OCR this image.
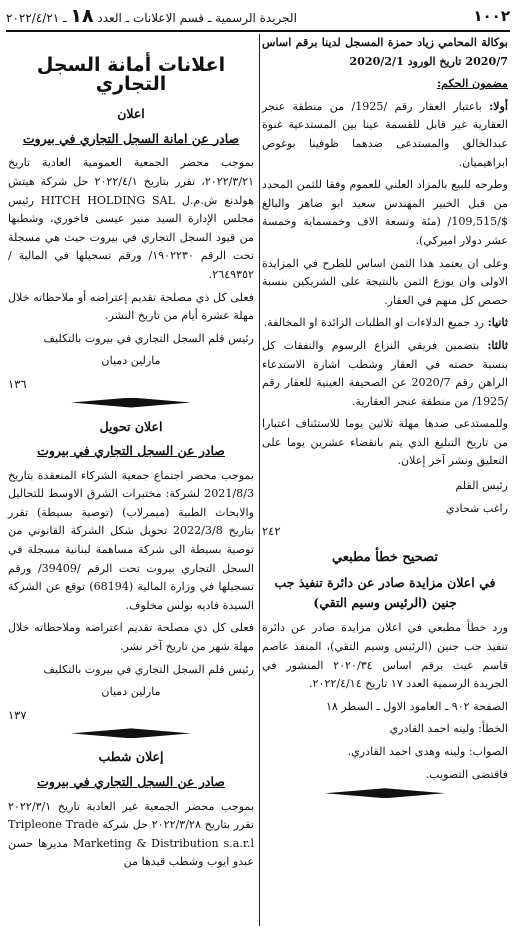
١٠٠٢
الجريدة الرسمية ـ قسم الاعلانات ـ العدد ١٨ ـ ٢٠٢٢/٤/٢١

بوكالة المحامي زياد حمزة المسجل لدينا برقم اساس 2020/7 تاريخ الورود 2020/2/1

مضمون الحكم:

أولا: باعتبار العقار رقم /1925/ من منطقة عنجر العقارية غير قابل للقسمة عينا بين المستدعية غنوة عبدالخالق والمستدعى ضدهما ظوفينا بوغوص ابراهيميان.

وطرحه للبيع بالمزاد العلني للعموم وفقا للثمن المحدد من قبل الخبير المهندس سعيد ابو ضاهر والبالغ $/109,515/ (مئة وتسعة الاف وخمسماية وخمسة عشر دولار اميركي).

وعلى ان يعتمد هذا الثمن اساس للطرح في المزايدة الاولى وان يوزع الثمن بالنتيجة على الشريكين بنسبة حصص كل منهم في العقار.

ثانيا: رد جميع الدلاءات او الطلبات الزائدة او المخالفة.

ثالثا: بتضمين فريقي النزاع الرسوم والنفقات كل بنسبة حصته في العقار وشطب اشارة الاستدعاء الراهن رقم 2020/7 عن الصحيفة العينية للعقار رقم /1925/ من منطقة عنجر العقارية.

وللمستدعى ضدها مهلة ثلاثين يوما للاستئناف اعتبارا من تاريخ التبليغ الذي يتم بانقضاء عشرين يوما على التعليق ونشر آخر إعلان.

رئيس القلم

راغب شحادي

٢٤٢

تصحيح خطأ مطبعي
في اعلان مزايدة صادر عن دائرة تنفيذ جب جنين (الرئيس وسيم التقي)

ورد خطأ مطبعي في اعلان مزايدة صادر عن دائرة تنفيذ جب جنين (الرئيس وسيم التقي)، المنفذ عاصم قاسم غيث برقم اساس ٢٠٢٠/٣٤ المنشور في الجريدة الرسمية العدد ١٧ تاريخ ٢٠٢٢/٤/١٤.

الصفحة ٩٠٢ ـ العامود الاول ـ السطر ١٨

الخطأ: ولينه احمد القادري

الصواب: ولينه وهدى احمد القادري.

فاقتضى التصويب.

اعلانات أمانة السجل التجاري
اعلان
صادر عن امانة السجل التجاري في بيروت

بموجب محضر الجمعية العمومية العادية تاريخ ٢٠٢٢/٣/٢١، تقرر بتاريخ ٢٠٢٢/٤/١ حل شركة هيتش هولدنغ ش.م.ل HITCH HOLDING SAL رئيس مجلس الإدارة السيد منير عيسى فاخوري، وشطبها من قيود السجل التجاري في بيروت حيث هي مسجلة تحت الرقم ١٩٠٢٢٣٠/ ورقم تسجيلها في المالية /٢٦٤٩٣٥٢.

فعلى كل ذي مصلحة تقديم إعتراضه أو ملاحظاته خلال مهلة عشرة أيام من تاريخ النشر.

رئيس قلم السجل التجاري في بيروت بالتكليف

مارلين دميان

١٣٦

اعلان تحويل
صادر عن السجل التجاري في بيروت

بموجب محضر اجتماع جمعية الشركاء المنعقدة بتاريخ 2021/8/3 لشركة: مختبرات الشرق الاوسط للتحاليل والابحاث الطبية (ميمرلاب) (توصية بسيطة) تقرر بتاريخ 2022/3/8 تحويل شكل الشركة القانوني من توصية بسيطة الى شركة مساهمة لبنانية مسجلة في السجل التجاري بيروت تحت الرقم /39409/ ورقم تسجيلها في وزارة المالية (68194) توقع عن الشركة السيدة فاديه بولس مخلوف.

فعلى كل ذي مصلحة تقديم اعتراضه وملاحظاته خلال مهلة شهر من تاريخ آخر نشر.

رئيس قلم السجل التجاري في بيروت بالتكليف

مارلين دميان

١٣٧

إعلان شطب
صادر عن السجل التجاري في بيروت

بموجب محضر الجمعية غير العادية تاريخ ٢٠٢٢/٣/١ تقرر بتاريخ ٢٠٢٢/٣/٢٨ حل شركة Tripleone Trade Marketing & Distribution s.a.r.l مديرها حسن عبدو ايوب وشطب قيدها من
